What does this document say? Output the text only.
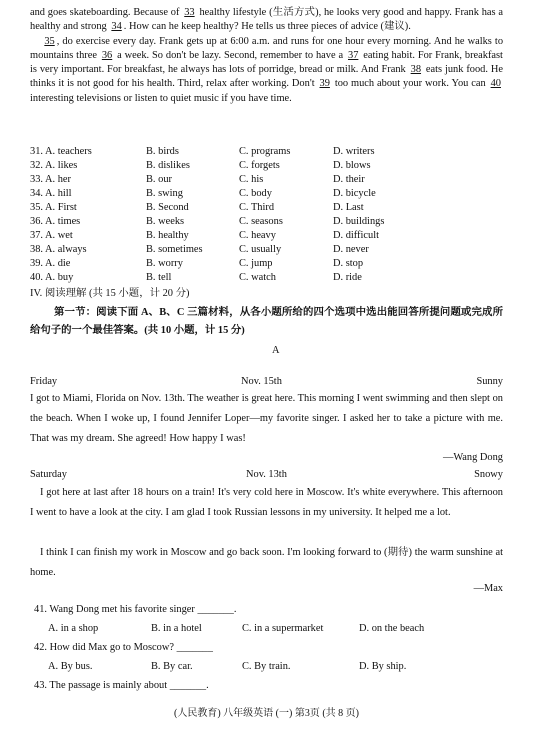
and goes skateboarding. Because of 33 healthy lifestyle (生活方式), he looks very good and happy. Frank has a healthy and strong 34 . How can he keep healthy? He tells us three pieces of advice (建议).
35 , do exercise every day. Frank gets up at 6:00 a.m. and runs for one hour every morning. And he walks to mountains three 36 a week. So don't be lazy. Second, remember to have a 37 eating habit. For Frank, breakfast is very important. For breakfast, he always has lots of porridge, bread or milk. And Frank 38 eats junk food. He thinks it is not good for his health. Third, relax after working. Don't 39 too much about your work. You can 40 interesting televisions or listen to quiet music if you have time.

31. A. teachers	B. birds	C. programs	D. writers
32. A. likes	B. dislikes	C. forgets	D. blows
33. A. her	B. our	C. his	D. their
34. A. hill	B. swing	C. body	D. bicycle
35. A. First	B. Second	C. Third	D. Last
36. A. times	B. weeks	C. seasons	D. buildings
37. A. wet	B. healthy	C. heavy	D. difficult
38. A. always	B. sometimes	C. usually	D. never
39. A. die	B. worry	C. jump	D. stop
40. A. buy	B. tell	C. watch	D. ride
IV. 阅读理解 (共 15 小题，计 20 分)

第一节：阅读下面 A、B、C 三篇材料，从各小题所给的四个选项中选出能回答所提问题或完成所给句子的一个最佳答案。(共 10 小题，计 15 分)

A
Friday	Nov. 15th	Sunny

I got to Miami, Florida on Nov. 13th. The weather is great here. This morning I went swimming and then slept on the beach. When I woke up, I found Jennifer Loper—my favorite singer. I asked her to take a picture with me. That was my dream. She agreed! How happy I was!

—Wang Dong
Saturday	Nov. 13th	Snowy

I got here at last after 18 hours on a train! It's very cold here in Moscow. It's white everywhere. This afternoon I went to have a look at the city. I am glad I took Russian lessons in my university. It helped me a lot.

I think I can finish my work in Moscow and go back soon. I'm looking forward to (期待) the warm sunshine at home.

—Max
41. Wang Dong met his favorite singer _______.
A. in a shop	B. in a hotel	C. in a supermarket	D. on the beach
42. How did Max go to Moscow? _______
A. By bus.	B. By car.	C. By train.	D. By ship.
43. The passage is mainly about _______.
(人民教育) 八年级英语 (一) 第3页 (共 8 页)
